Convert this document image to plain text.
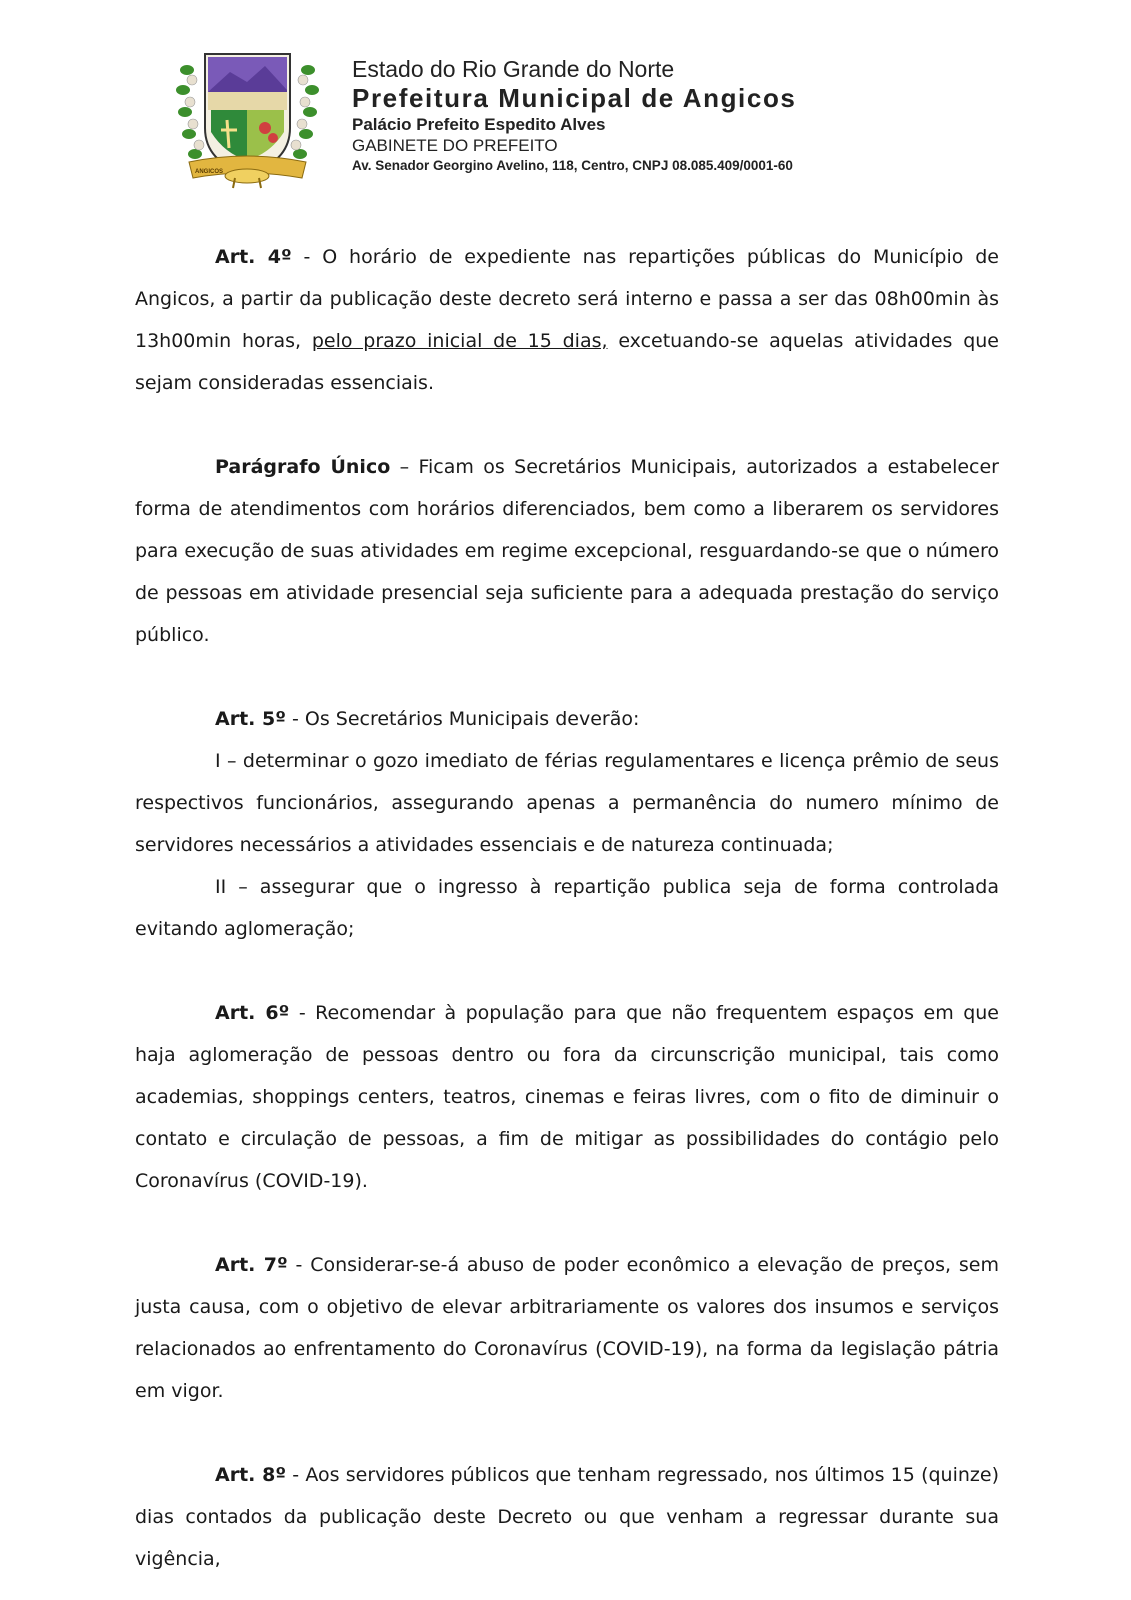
ANGICOS
Estado do Rio Grande do Norte
Prefeitura Municipal de Angicos
Palácio Prefeito Espedito Alves
GABINETE DO PREFEITO
Av. Senador Georgino Avelino, 118, Centro, CNPJ 08.085.409/0001-60

Art. 4º - O horário de expediente nas repartições públicas do Município de Angicos, a partir da publicação deste decreto será interno e passa a ser das 08h00min às 13h00min horas, pelo prazo inicial de 15 dias, excetuando-se aquelas atividades que sejam consideradas essenciais.

Parágrafo Único – Ficam os Secretários Municipais, autorizados a estabelecer forma de atendimentos com horários diferenciados, bem como a liberarem os servidores para execução de suas atividades em regime excepcional, resguardando-se que o número de pessoas em atividade presencial seja suficiente para a adequada prestação do serviço público.

Art. 5º - Os Secretários Municipais deverão:

I – determinar o gozo imediato de férias regulamentares e licença prêmio de seus respectivos funcionários, assegurando apenas a permanência do numero mínimo de servidores necessários a atividades essenciais e de natureza continuada;

II – assegurar que o ingresso à repartição publica seja de forma controlada evitando aglomeração;

Art. 6º - Recomendar à população para que não frequentem espaços em que haja aglomeração de pessoas dentro ou fora da circunscrição municipal, tais como academias, shoppings centers, teatros, cinemas e feiras livres, com o fito de diminuir o contato e circulação de pessoas, a fim de mitigar as possibilidades do contágio pelo Coronavírus (COVID-19).

Art. 7º - Considerar-se-á abuso de poder econômico a elevação de preços, sem justa causa, com o objetivo de elevar arbitrariamente os valores dos insumos e serviços relacionados ao enfrentamento do Coronavírus (COVID-19), na forma da legislação pátria em vigor.

Art. 8º - Aos servidores públicos que tenham regressado, nos últimos 15 (quinze) dias contados da publicação deste Decreto ou que venham a regressar durante sua vigência,
